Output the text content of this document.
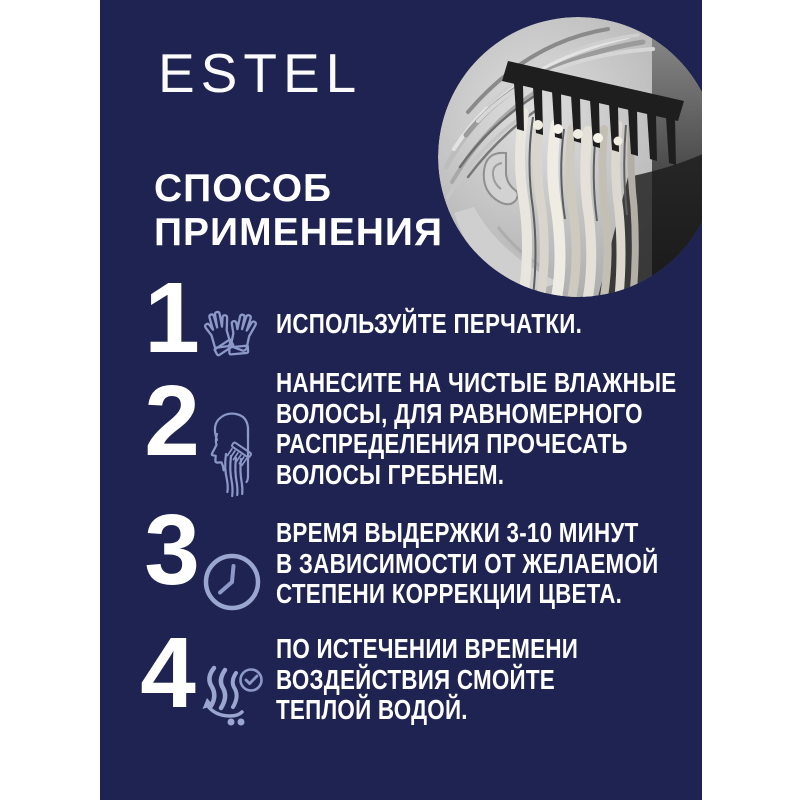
ESTEL
СПОСОБ
ПРИМЕНЕНИЯ
1	ИСПОЛЬЗУЙТЕ ПЕРЧАТКИ.
2	НАНЕСИТЕ НА ЧИСТЫЕ ВЛАЖНЫЕ
ВОЛОСЫ, ДЛЯ РАВНОМЕРНОГО
РАСПРЕДЕЛЕНИЯ ПРОЧЕСАТЬ
ВОЛОСЫ ГРЕБНЕМ.
3	ВРЕМЯ ВЫДЕРЖКИ 3-10 МИНУТ
В ЗАВИСИМОСТИ ОТ ЖЕЛАЕМОЙ
СТЕПЕНИ КОРРЕКЦИИ ЦВЕТА.
4	ПО ИСТЕЧЕНИИ ВРЕМЕНИ
ВОЗДЕЙСТВИЯ СМОЙТЕ
ТЕПЛОЙ ВОДОЙ.
